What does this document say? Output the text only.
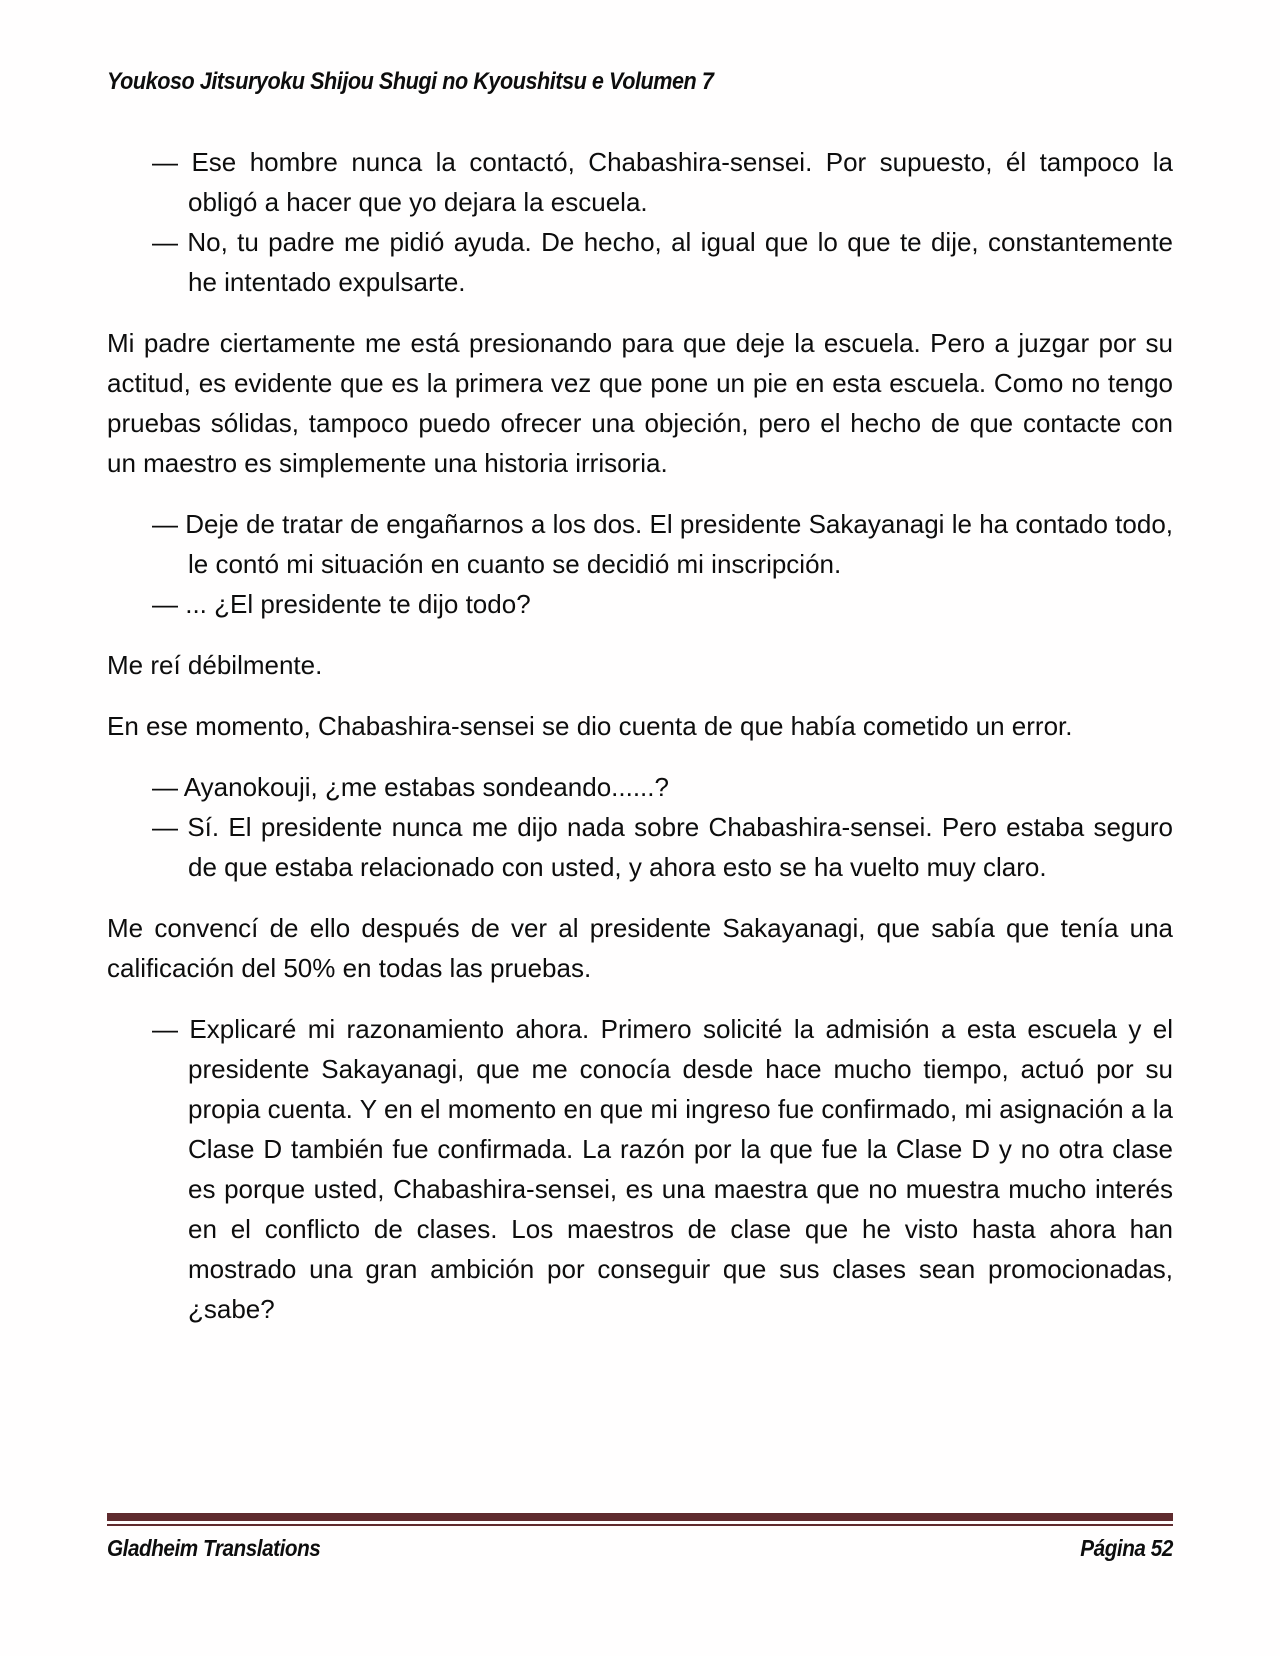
Youkoso Jitsuryoku Shijou Shugi no Kyoushitsu e Volumen 7

— Ese hombre nunca la contactó, Chabashira-sensei. Por supuesto, él tampoco la obligó a hacer que yo dejara la escuela.

— No, tu padre me pidió ayuda. De hecho, al igual que lo que te dije, constantemente he intentado expulsarte.

Mi padre ciertamente me está presionando para que deje la escuela. Pero a juzgar por su actitud, es evidente que es la primera vez que pone un pie en esta escuela. Como no tengo pruebas sólidas, tampoco puedo ofrecer una objeción, pero el hecho de que contacte con un maestro es simplemente una historia irrisoria.

— Deje de tratar de engañarnos a los dos. El presidente Sakayanagi le ha contado todo, le contó mi situación en cuanto se decidió mi inscripción.

— ... ¿El presidente te dijo todo?

Me reí débilmente.

En ese momento, Chabashira-sensei se dio cuenta de que había cometido un error.

— Ayanokouji, ¿me estabas sondeando......?

— Sí. El presidente nunca me dijo nada sobre Chabashira-sensei. Pero estaba seguro de que estaba relacionado con usted, y ahora esto se ha vuelto muy claro.

Me convencí de ello después de ver al presidente Sakayanagi, que sabía que tenía una calificación del 50% en todas las pruebas.

— Explicaré mi razonamiento ahora. Primero solicité la admisión a esta escuela y el presidente Sakayanagi, que me conocía desde hace mucho tiempo, actuó por su propia cuenta. Y en el momento en que mi ingreso fue confirmado, mi asignación a la Clase D también fue confirmada. La razón por la que fue la Clase D y no otra clase es porque usted, Chabashira-sensei, es una maestra que no muestra mucho interés en el conflicto de clases. Los maestros de clase que he visto hasta ahora han mostrado una gran ambición por conseguir que sus clases sean promocionadas, ¿sabe?

Gladheim Translations	Página 52
